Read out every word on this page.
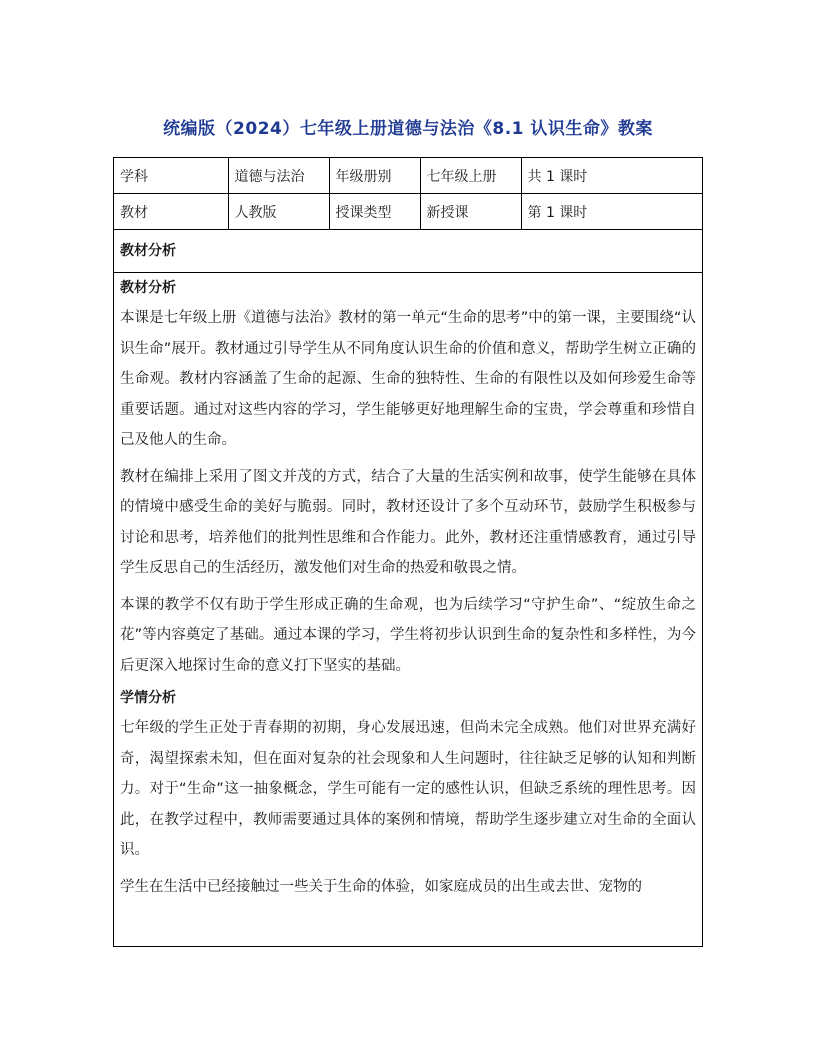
统编版（2024）七年级上册道德与法治《8.1 认识生命》教案
学科	道德与法治	年级册别	七年级上册	共 1 课时
教材	人教版	授课类型	新授课	第 1 课时
教材分析
教材分析

本课是七年级上册《道德与法治》教材的第一单元“生命的思考”中的第一课，主要围绕“认识生命”展开。教材通过引导学生从不同角度认识生命的价值和意义，帮助学生树立正确的生命观。教材内容涵盖了生命的起源、生命的独特性、生命的有限性以及如何珍爱生命等重要话题。通过对这些内容的学习，学生能够更好地理解生命的宝贵，学会尊重和珍惜自己及他人的生命。

教材在编排上采用了图文并茂的方式，结合了大量的生活实例和故事，使学生能够在具体的情境中感受生命的美好与脆弱。同时，教材还设计了多个互动环节，鼓励学生积极参与讨论和思考，培养他们的批判性思维和合作能力。此外，教材还注重情感教育，通过引导学生反思自己的生活经历，激发他们对生命的热爱和敬畏之情。

本课的教学不仅有助于学生形成正确的生命观，也为后续学习“守护生命”、“绽放生命之花”等内容奠定了基础。通过本课的学习，学生将初步认识到生命的复杂性和多样性，为今后更深入地探讨生命的意义打下坚实的基础。

学情分析

七年级的学生正处于青春期的初期，身心发展迅速，但尚未完全成熟。他们对世界充满好奇，渴望探索未知，但在面对复杂的社会现象和人生问题时，往往缺乏足够的认知和判断力。对于“生命”这一抽象概念，学生可能有一定的感性认识，但缺乏系统的理性思考。因此，在教学过程中，教师需要通过具体的案例和情境，帮助学生逐步建立对生命的全面认识。

学生在生活中已经接触过一些关于生命的体验，如家庭成员的出生或去世、宠物的
